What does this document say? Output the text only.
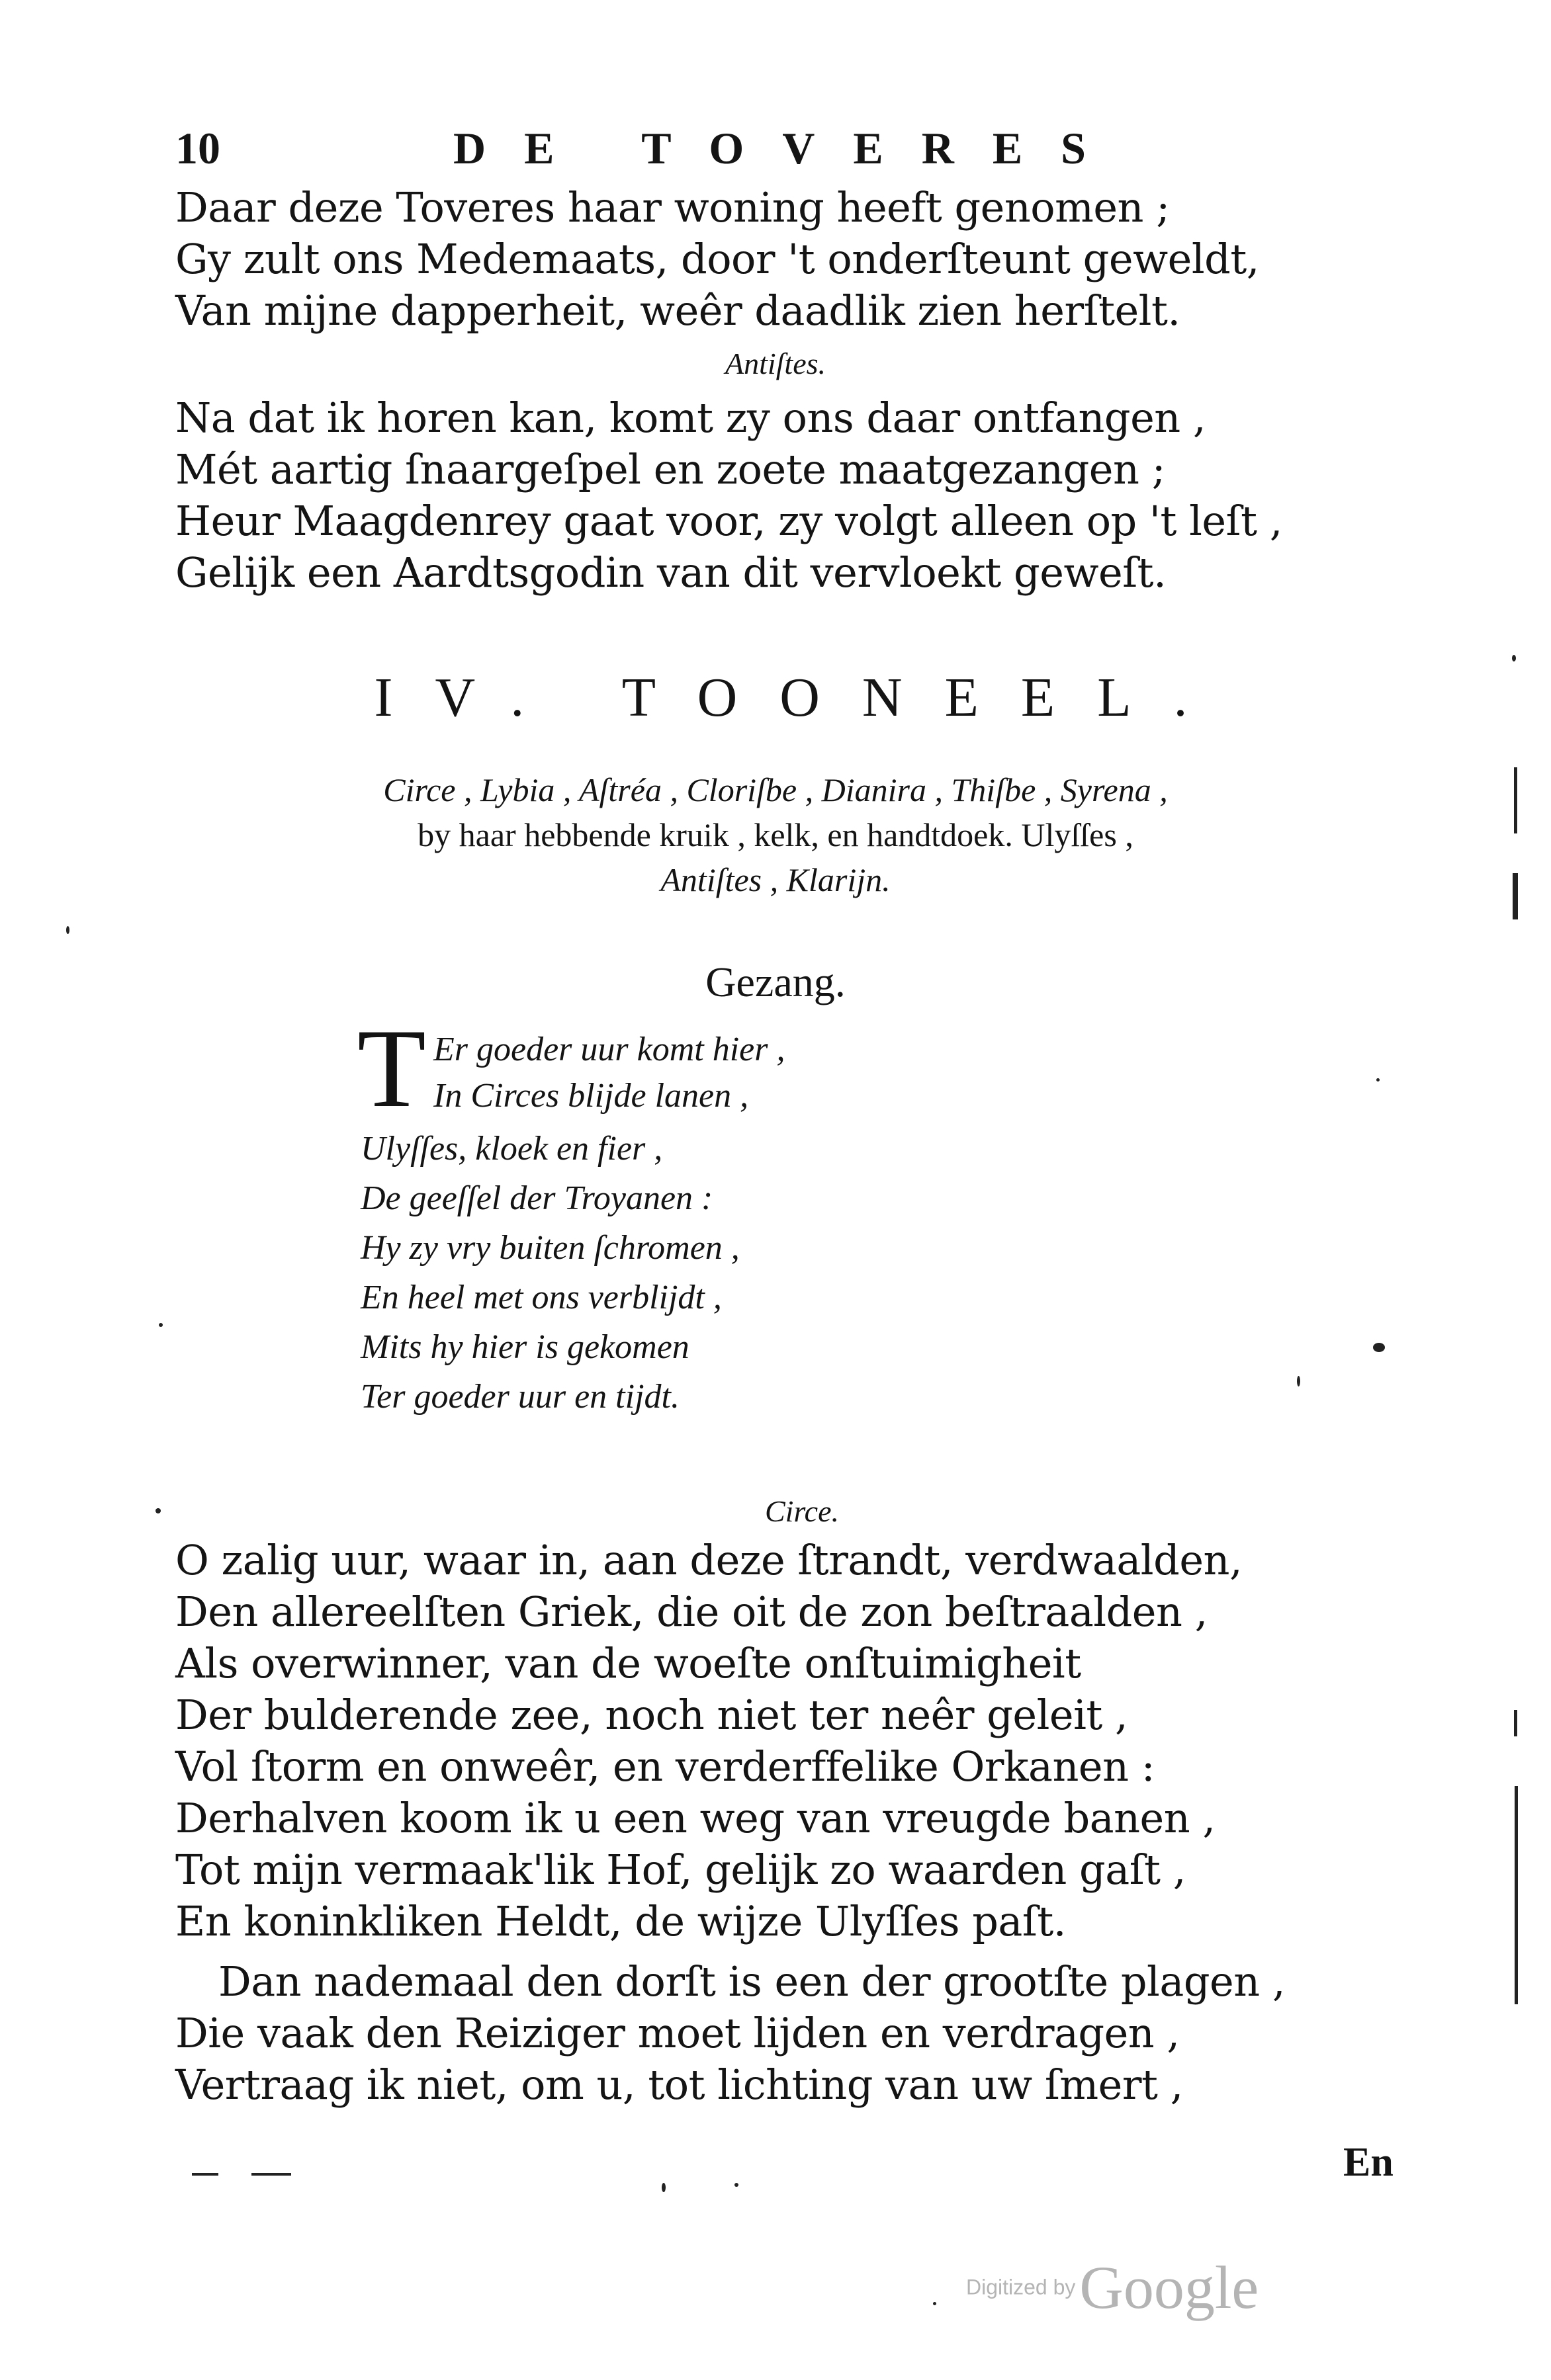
10	DE TOVERES
Daar deze Toveres haar woning heeft genomen ;
Gy zult ons Medemaats, door 't onderſteunt geweldt,
Van mijne dapperheit, weêr daadlik zien herſtelt.
Antiſtes.
Na dat ik horen kan, komt zy ons daar ontfangen ,
Mét aartig ſnaargeſpel en zoete maatgezangen ;
Heur Maagdenrey gaat voor, zy volgt alleen op 't leſt ,
Gelijk een Aardtsgodin van dit vervloekt geweſt.
IV. TOONEEL.
Circe , Lybia , Aſtréa , Cloriſbe , Dianira , Thiſbe , Syrena ,
by haar hebbende kruik , kelk, en handtdoek. Ulyſſes ,
Antiſtes , Klarijn.
Gezang.
T Er goeder uur komt hier ,
In Circes blijde lanen ,
Ulyſſes, kloek en fier ,
De geeſſel der Troyanen :
Hy zy vry buiten ſchromen ,
En heel met ons verblijdt ,
Mits hy hier is gekomen
Ter goeder uur en tijdt.
Circe.
O zalig uur, waar in, aan deze ſtrandt, verdwaalden,
Den allereelſten Griek, die oit de zon beſtraalden ,
Als overwinner, van de woeſte onſtuimigheit
Der bulderende zee, noch niet ter neêr geleit ,
Vol ſtorm en onweêr, en verderffelike Orkanen :
Derhalven koom ik u een weg van vreugde banen ,
Tot mijn vermaak'lik Hof, gelijk zo waarden gaſt ,
En koninkliken Heldt, de wijze Ulyſſes paſt.
Dan nademaal den dorſt is een der grootſte plagen ,
Die vaak den Reiziger moet lijden en verdragen ,
Vertraag ik niet, om u, tot lichting van uw ſmert ,
En
Digitized byGoogle
